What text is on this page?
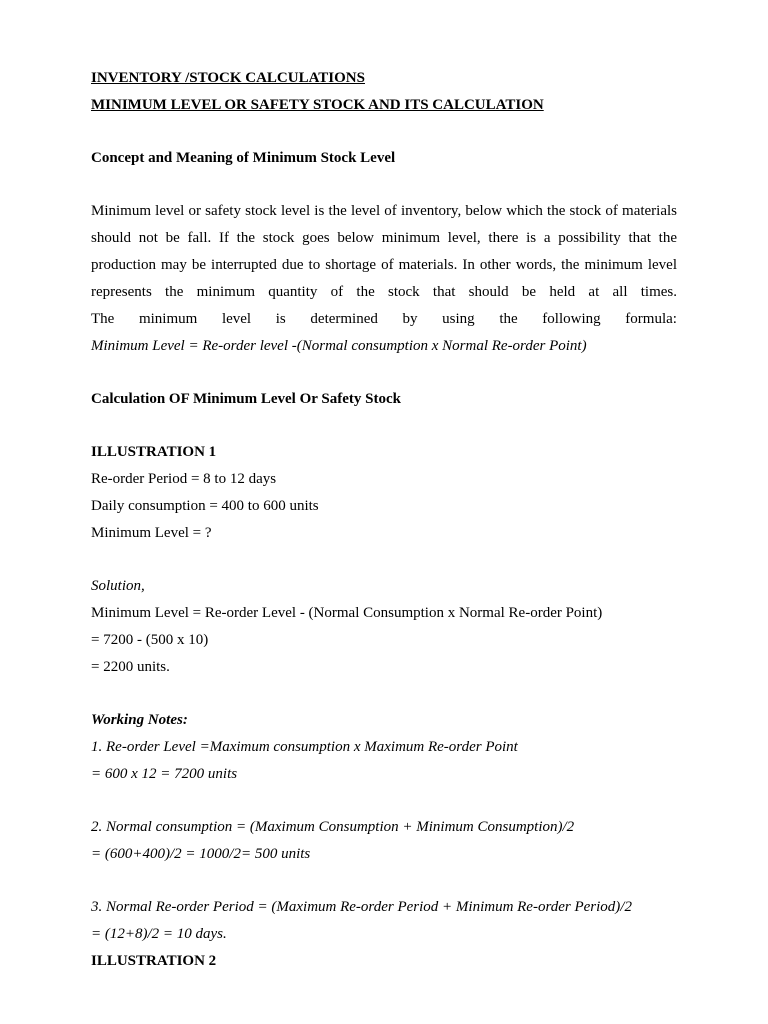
INVENTORY /STOCK CALCULATIONS
MINIMUM LEVEL OR SAFETY STOCK AND ITS CALCULATION
Concept and Meaning of Minimum Stock Level
Minimum level or safety stock level is the level of inventory, below which the stock of materials
should not be fall. If the stock goes below minimum level, there is a possibility that the
production may be interrupted due to shortage of materials. In other words, the minimum level
represents the minimum quantity of the stock that should be held at all times.
The minimum level is determined by using the following formula:
Minimum Level = Re-order level -(Normal consumption x Normal Re-order Point)
Calculation OF Minimum Level Or Safety Stock
ILLUSTRATION 1
Re-order Period = 8 to 12 days
Daily consumption = 400 to 600 units
Minimum Level = ?
Solution,
Minimum Level = Re-order Level - (Normal Consumption x Normal Re-order Point)
= 7200 - (500 x 10)
= 2200 units.
Working Notes:
1. Re-order Level =Maximum consumption x Maximum Re-order Point
= 600 x 12 = 7200 units
2. Normal consumption = (Maximum Consumption + Minimum Consumption)/2
= (600+400)/2 = 1000/2= 500 units
3. Normal Re-order Period = (Maximum Re-order Period + Minimum Re-order Period)/2
= (12+8)/2 = 10 days.
ILLUSTRATION 2
